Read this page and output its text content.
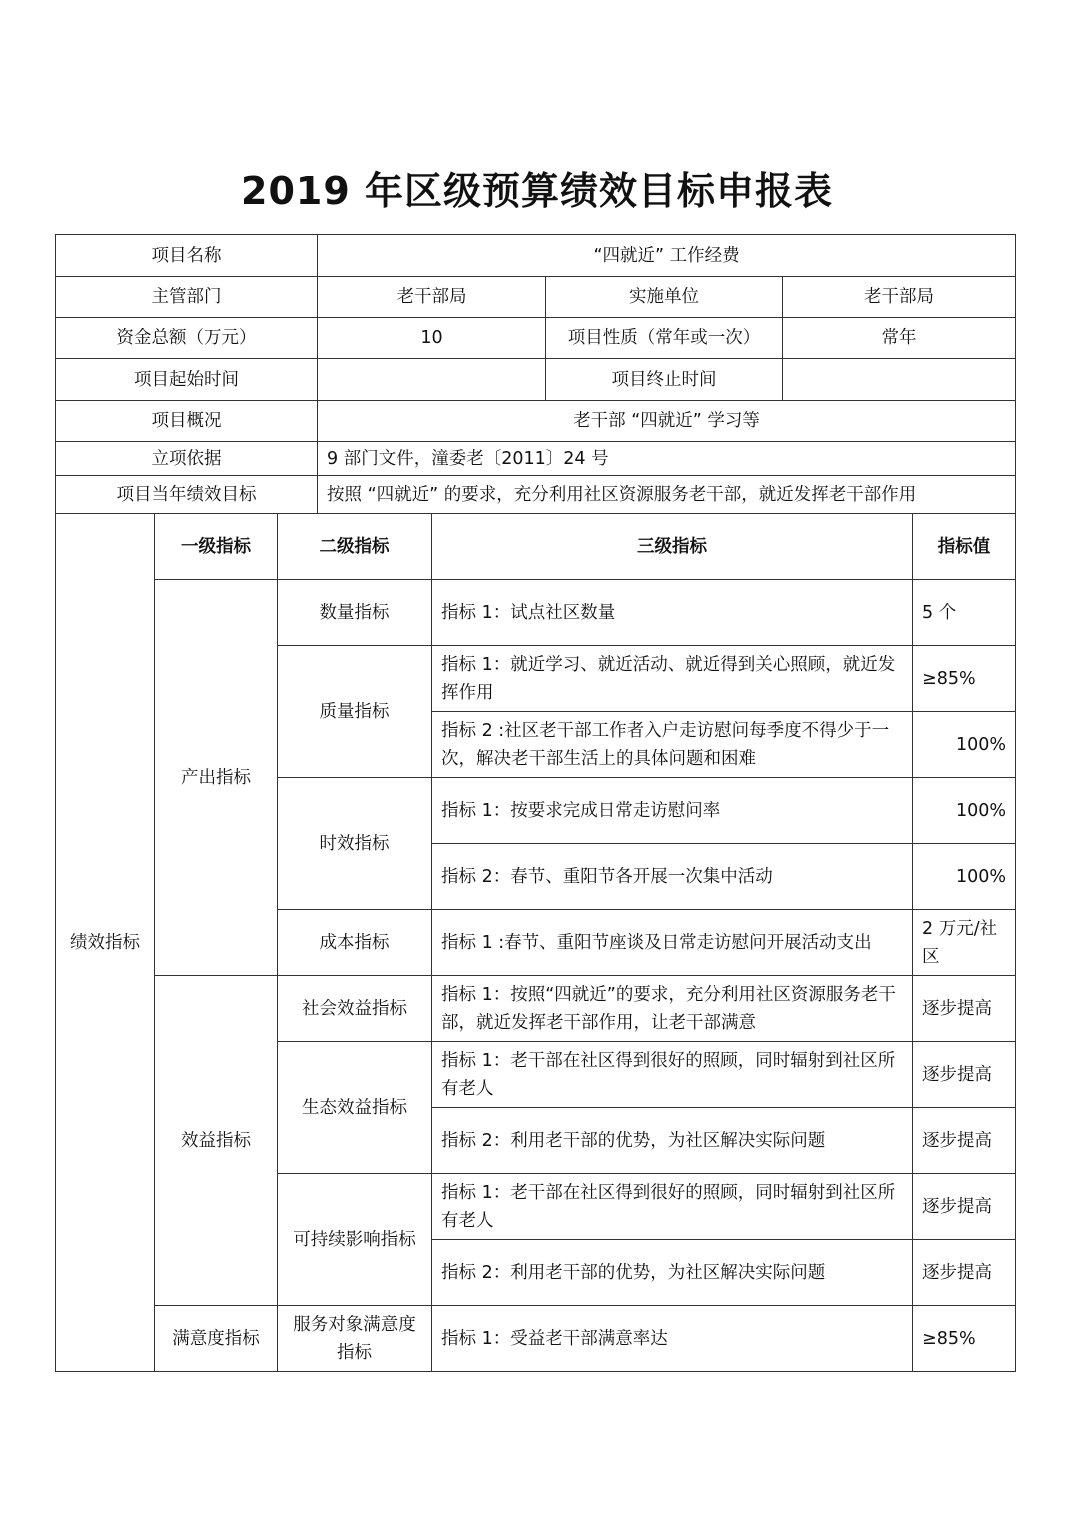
2019 年区级预算绩效目标申报表
项目名称			“四就近” 工作经费				
主管部门			老干部局		实施单位	老干部局	
资金总额（万元）			10		项目性质（常年或一次）	常年	
项目起始时间					项目终止时间		
项目概况			老干部 “四就近” 学习等				
立项依据			9 部门文件，潼委老〔2011〕24 号				
项目当年绩效目标			按照 “四就近” 的要求，充分利用社区资源服务老干部，就近发挥老干部作用				
绩效指标	一级指标	二级指标		三级指标			指标值
	产出指标	数量指标		指标 1：试点社区数量			5 个
		质量指标		指标 1：就近学习、就近活动、就近得到关心照顾，就近发挥作用			≥85%
				指标 2 :社区老干部工作者入户走访慰问每季度不得少于一次，解决老干部生活上的具体问题和困难			100%
		时效指标		指标 1：按要求完成日常走访慰问率			100%
				指标 2：春节、重阳节各开展一次集中活动			100%
		成本指标		指标 1 :春节、重阳节座谈及日常走访慰问开展活动支出			2 万元/社区
	效益指标	社会效益指标		指标 1：按照“四就近”的要求，充分利用社区资源服务老干部，就近发挥老干部作用，让老干部满意			逐步提高
		生态效益指标		指标 1：老干部在社区得到很好的照顾，同时辐射到社区所有老人			逐步提高
				指标 2：利用老干部的优势，为社区解决实际问题			逐步提高
		可持续影响指标		指标 1：老干部在社区得到很好的照顾，同时辐射到社区所有老人			逐步提高
				指标 2：利用老干部的优势，为社区解决实际问题			逐步提高
	满意度指标	服务对象满意度指标		指标 1：受益老干部满意率达			≥85%
